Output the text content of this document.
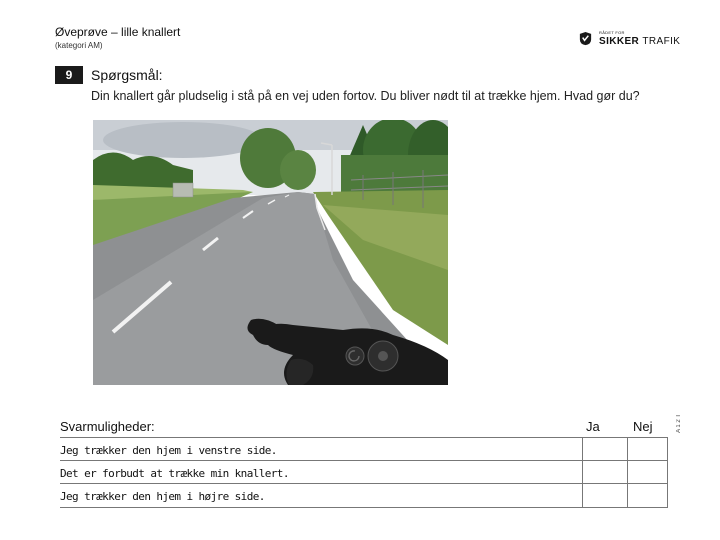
Øveprøve – lille knallert
(kategori AM)
RÅDET FOR
SIKKER TRAFIK
9	Spørgsmål:
Din knallert går pludselig i stå på en vej uden fortov. Du bliver nødt til at trække hjem. Hvad gør du?
Svarmuligheder:	Ja	Nej	A 1 2 T
Jeg trækker den hjem i venstre side.
Det er forbudt at trække min knallert.
Jeg trækker den hjem i højre side.
